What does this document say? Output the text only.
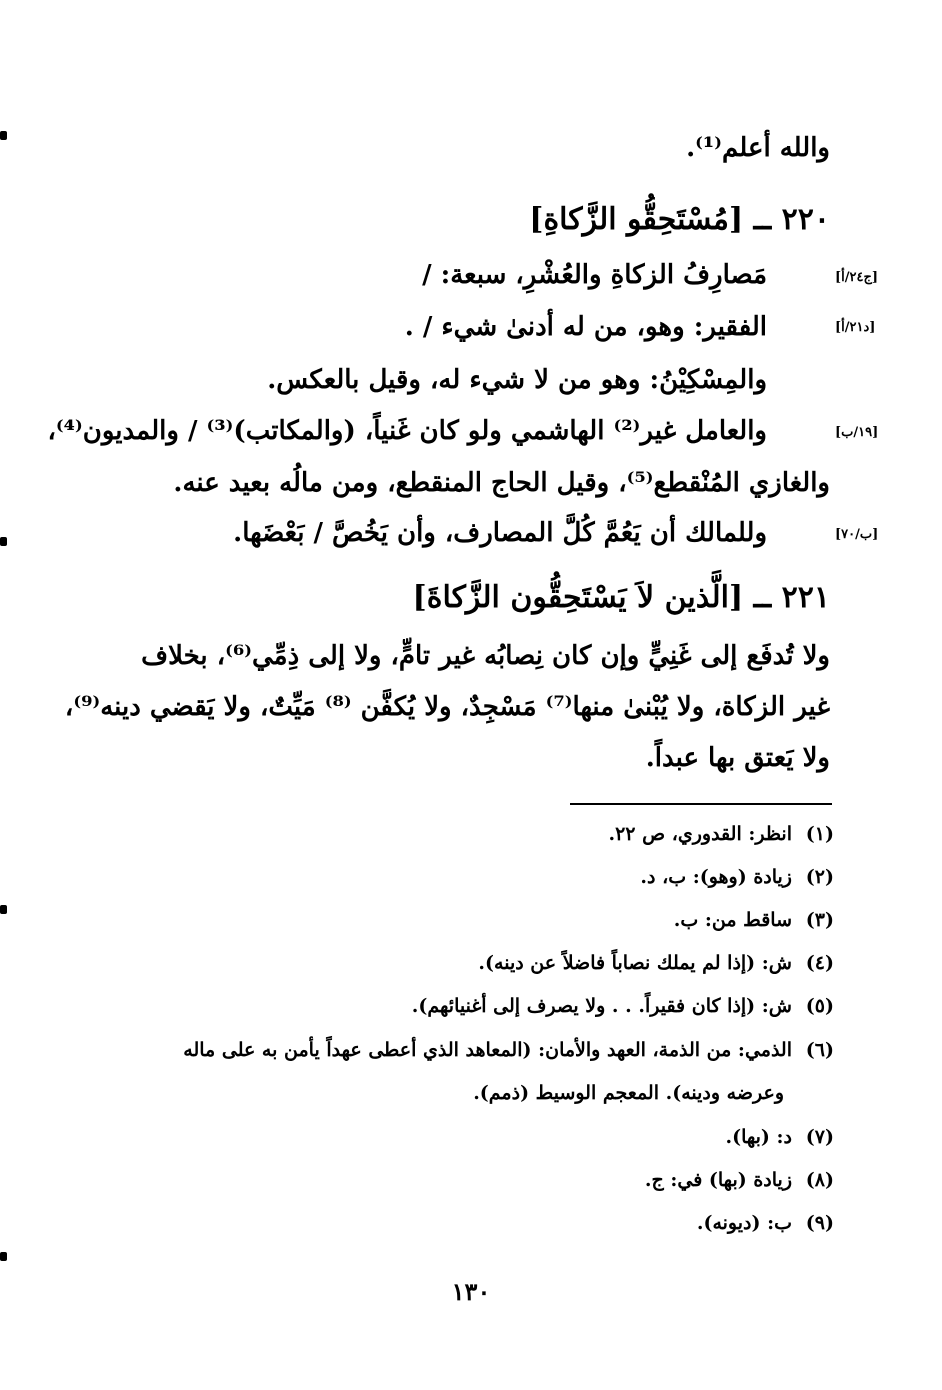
والله أعلم⁽¹⁾.
٢٢٠ ــ [مُسْتَحِقُّو الزَّكاةِ]
[ج٢٤/أ]
مَصارِفُ الزكاةِ والعُشْرِ، سبعة: /
[د٢١/أ]
الفقير: وهو، من له أدنىٰ شيء / .
والمِسْكِيْنُ: وهو من لا شيء له، وقيل بالعكس.
[١٩/ب]
والعامل غير⁽²⁾ الهاشمي ولو كان غَنياً، (والمكاتب)⁽³⁾ / والمديون⁽⁴⁾،
والغازي المُنْقطع⁽⁵⁾، وقيل الحاج المنقطع، ومن مالُه بعيد عنه.
[ب/٧٠]
وللمالك أن يَعُمَّ كُلَّ المصارف، وأن يَخُصَّ / بَعْضَها.
٢٢١ ــ [الَّذين لاَ يَسْتَحِقُّون الزَّكاةَ]
ولا تُدفَع إلى غَنِيٍّ وإن كان نِصابُه غير تامٍّ، ولا إلى ذِمِّي⁽⁶⁾، بخلاف
غير الزكاة، ولا يُبْنىٰ منها⁽⁷⁾ مَسْجِدٌ، ولا يُكفَّن ⁽⁸⁾ مَيِّتٌ، ولا يَقضي دينه⁽⁹⁾،
ولا يَعتق بها عبداً.
(١)انظر: القدوري، ص ٢٢.
(٢)زيادة (وهو): ب، د.
(٣)ساقط من: ب.
(٤)ش: (إذا لم يملك نصاباً فاضلاً عن دينه).
(٥)ش: (إذا كان فقيراً. . . ولا يصرف إلى أغنيائهم).
(٦)الذمي: من الذمة، العهد والأمان: (المعاهد الذي أعطى عهداً يأمن به على ماله
وعرضه ودينه). المعجم الوسيط (ذمم).
(٧)د: (بها).
(٨)زيادة (بها) في: ج.
(٩)ب: (ديونه).
١٣٠
